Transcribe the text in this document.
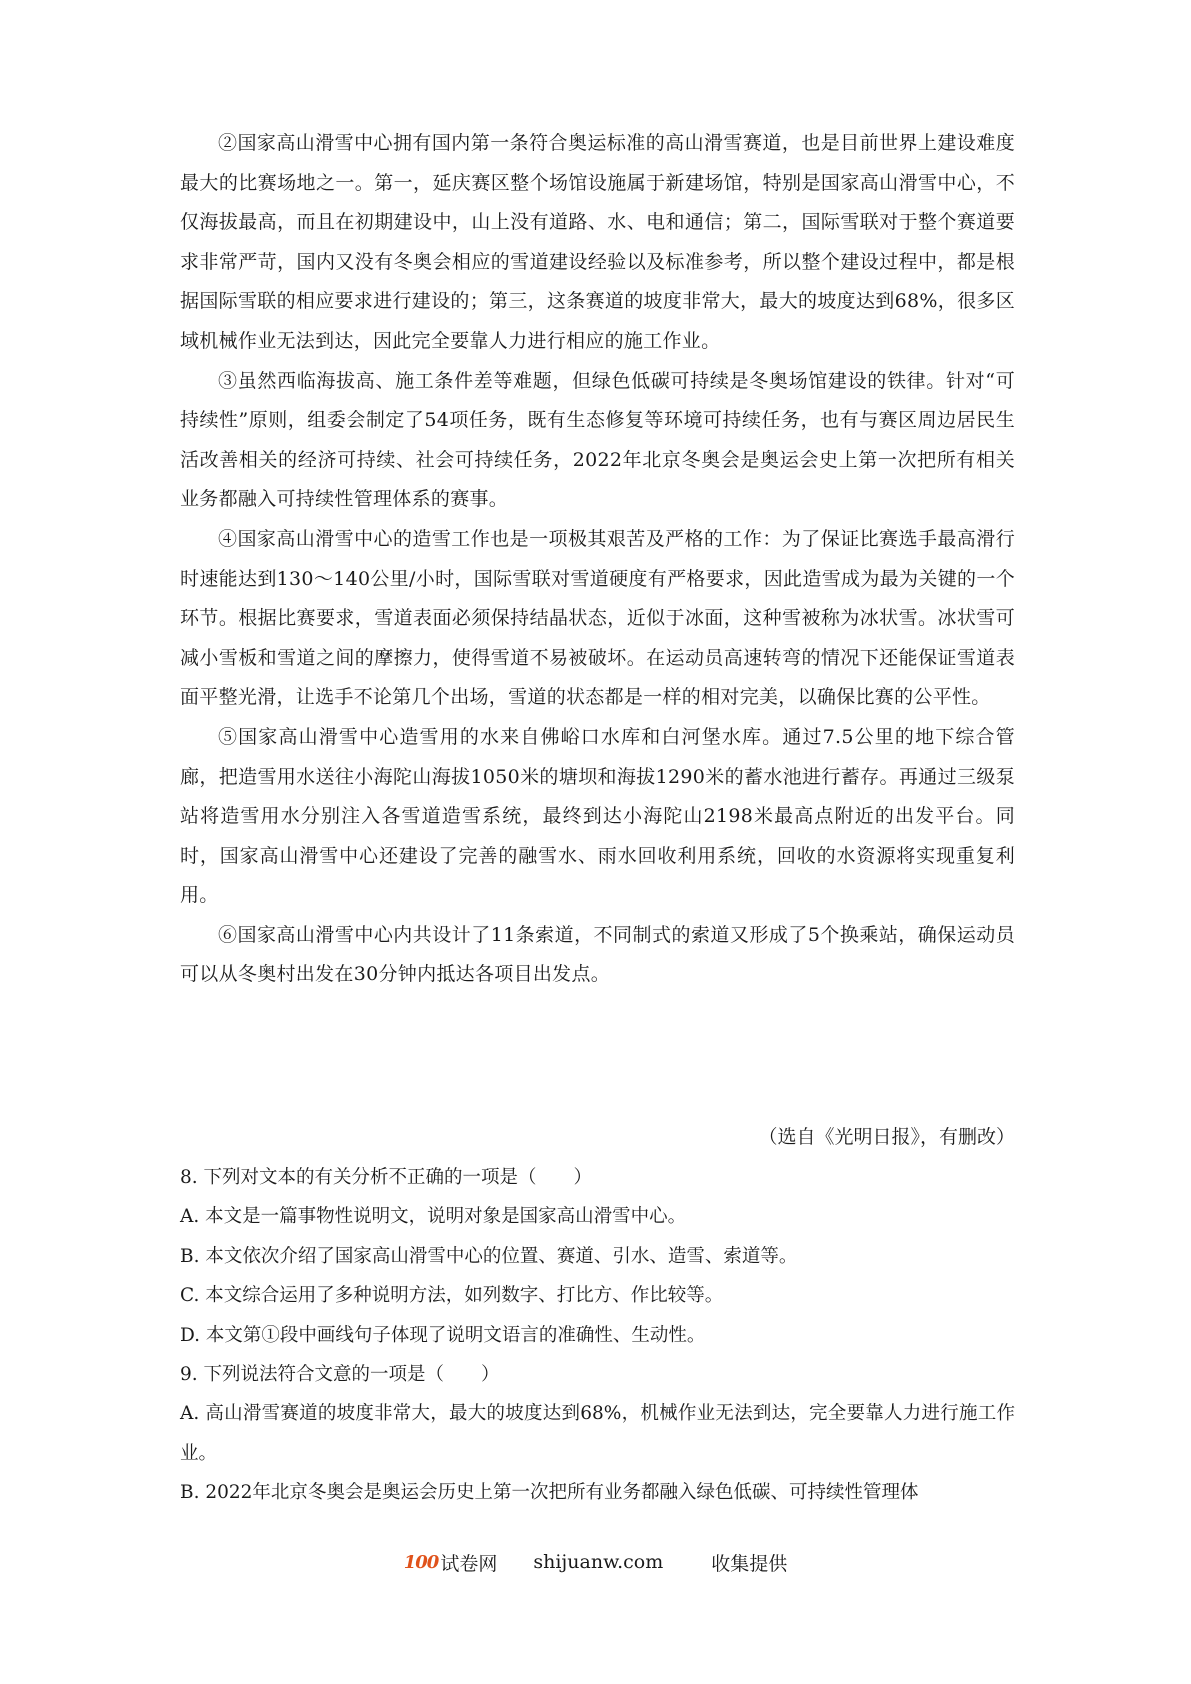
②国家高山滑雪中心拥有国内第一条符合奥运标准的高山滑雪赛道，也是目前世界上建设难度最大的比赛场地之一。第一，延庆赛区整个场馆设施属于新建场馆，特别是国家高山滑雪中心，不仅海拔最高，而且在初期建设中，山上没有道路、水、电和通信；第二，国际雪联对于整个赛道要求非常严苛，国内又没有冬奥会相应的雪道建设经验以及标准参考，所以整个建设过程中，都是根据国际雪联的相应要求进行建设的；第三，这条赛道的坡度非常大，最大的坡度达到68%，很多区域机械作业无法到达，因此完全要靠人力进行相应的施工作业。

③虽然西临海拔高、施工条件差等难题，但绿色低碳可持续是冬奥场馆建设的铁律。针对“可持续性”原则，组委会制定了54项任务，既有生态修复等环境可持续任务，也有与赛区周边居民生活改善相关的经济可持续、社会可持续任务，2022年北京冬奥会是奥运会史上第一次把所有相关业务都融入可持续性管理体系的赛事。

④国家高山滑雪中心的造雪工作也是一项极其艰苦及严格的工作：为了保证比赛选手最高滑行时速能达到130～140公里/小时，国际雪联对雪道硬度有严格要求，因此造雪成为最为关键的一个环节。根据比赛要求，雪道表面必须保持结晶状态，近似于冰面，这种雪被称为冰状雪。冰状雪可减小雪板和雪道之间的摩擦力，使得雪道不易被破坏。在运动员高速转弯的情况下还能保证雪道表面平整光滑，让选手不论第几个出场，雪道的状态都是一样的相对完美，以确保比赛的公平性。

⑤国家高山滑雪中心造雪用的水来自佛峪口水库和白河堡水库。通过7.5公里的地下综合管廊，把造雪用水送往小海陀山海拔1050米的塘坝和海拔1290米的蓄水池进行蓄存。再通过三级泵站将造雪用水分别注入各雪道造雪系统，最终到达小海陀山2198米最高点附近的出发平台。同时，国家高山滑雪中心还建设了完善的融雪水、雨水回收利用系统，回收的水资源将实现重复利用。

⑥国家高山滑雪中心内共设计了11条索道，不同制式的索道又形成了5个换乘站，确保运动员可以从冬奥村出发在30分钟内抵达各项目出发点。

（选自《光明日报》，有删改）

8. 下列对文本的有关分析不正确的一项是（　　）

A. 本文是一篇事物性说明文，说明对象是国家高山滑雪中心。

B. 本文依次介绍了国家高山滑雪中心的位置、赛道、引水、造雪、索道等。

C. 本文综合运用了多种说明方法，如列数字、打比方、作比较等。

D. 本文第①段中画线句子体现了说明文语言的准确性、生动性。

9. 下列说法符合文意的一项是（　　）

A. 高山滑雪赛道的坡度非常大，最大的坡度达到68%，机械作业无法到达，完全要靠人力进行施工作业。

B. 2022年北京冬奥会是奥运会历史上第一次把所有业务都融入绿色低碳、可持续性管理体

100 试卷网 shijuanw.com	收集提供
